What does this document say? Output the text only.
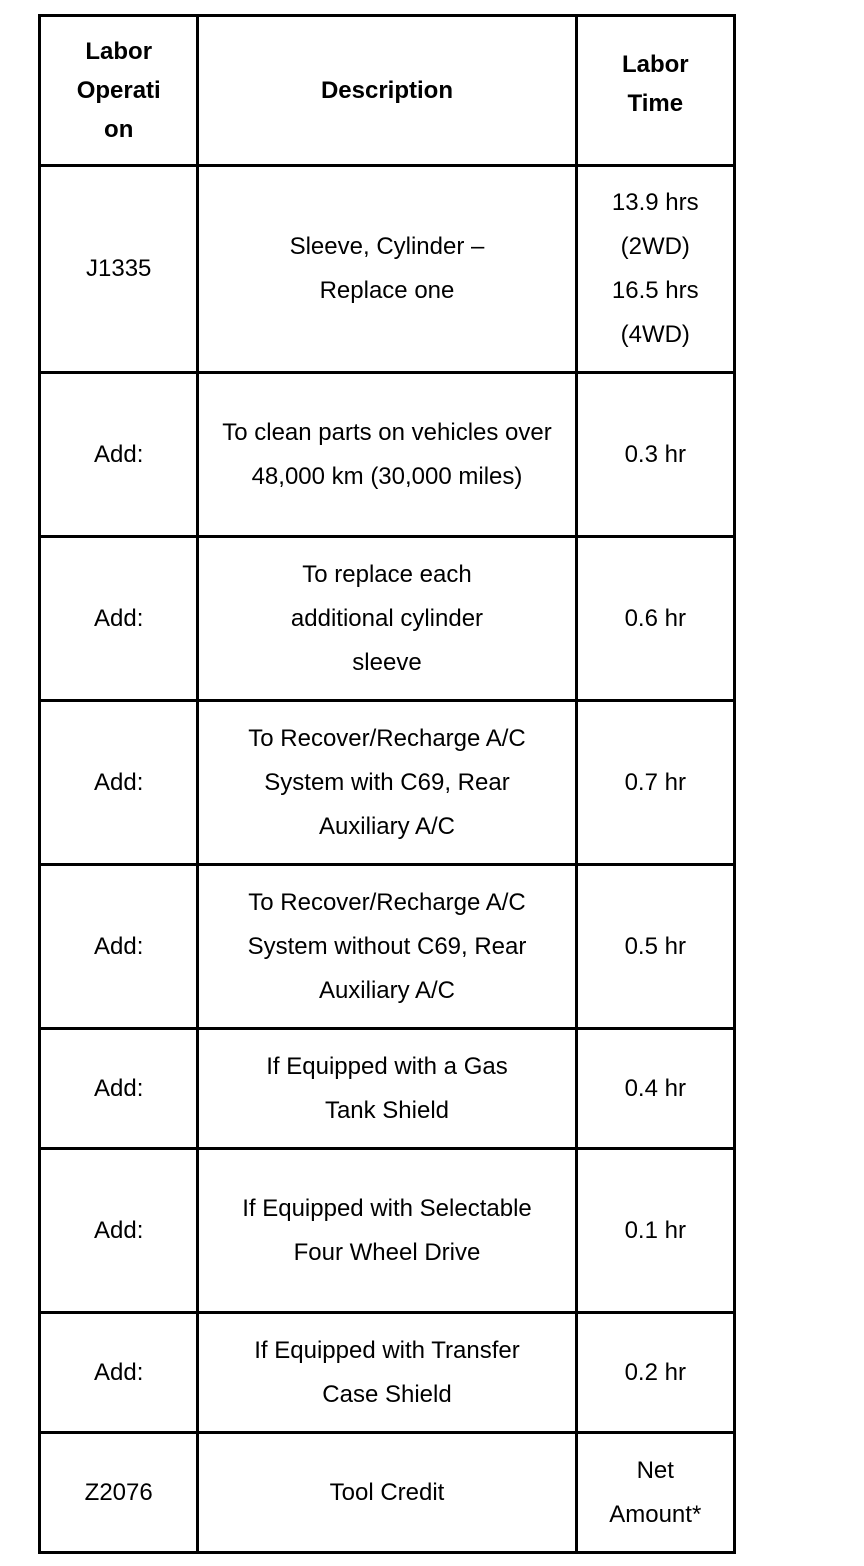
Labor Operati on	Description	Labor Time

J1335	Sleeve, Cylinder – Replace one	13.9 hrs (2WD) 16.5 hrs (4WD)
Add:	To clean parts on vehicles over 48,000 km (30,000 miles)	0.3 hr
Add:	To replace each additional cylinder sleeve	0.6 hr
Add:	To Recover/Recharge A/C System with C69, Rear Auxiliary A/C	0.7 hr
Add:	To Recover/Recharge A/C System without C69, Rear Auxiliary A/C	0.5 hr
Add:	If Equipped with a Gas Tank Shield	0.4 hr
Add:	If Equipped with Selectable Four Wheel Drive	0.1 hr
Add:	If Equipped with Transfer Case Shield	0.2 hr
Z2076	Tool Credit	Net Amount*
